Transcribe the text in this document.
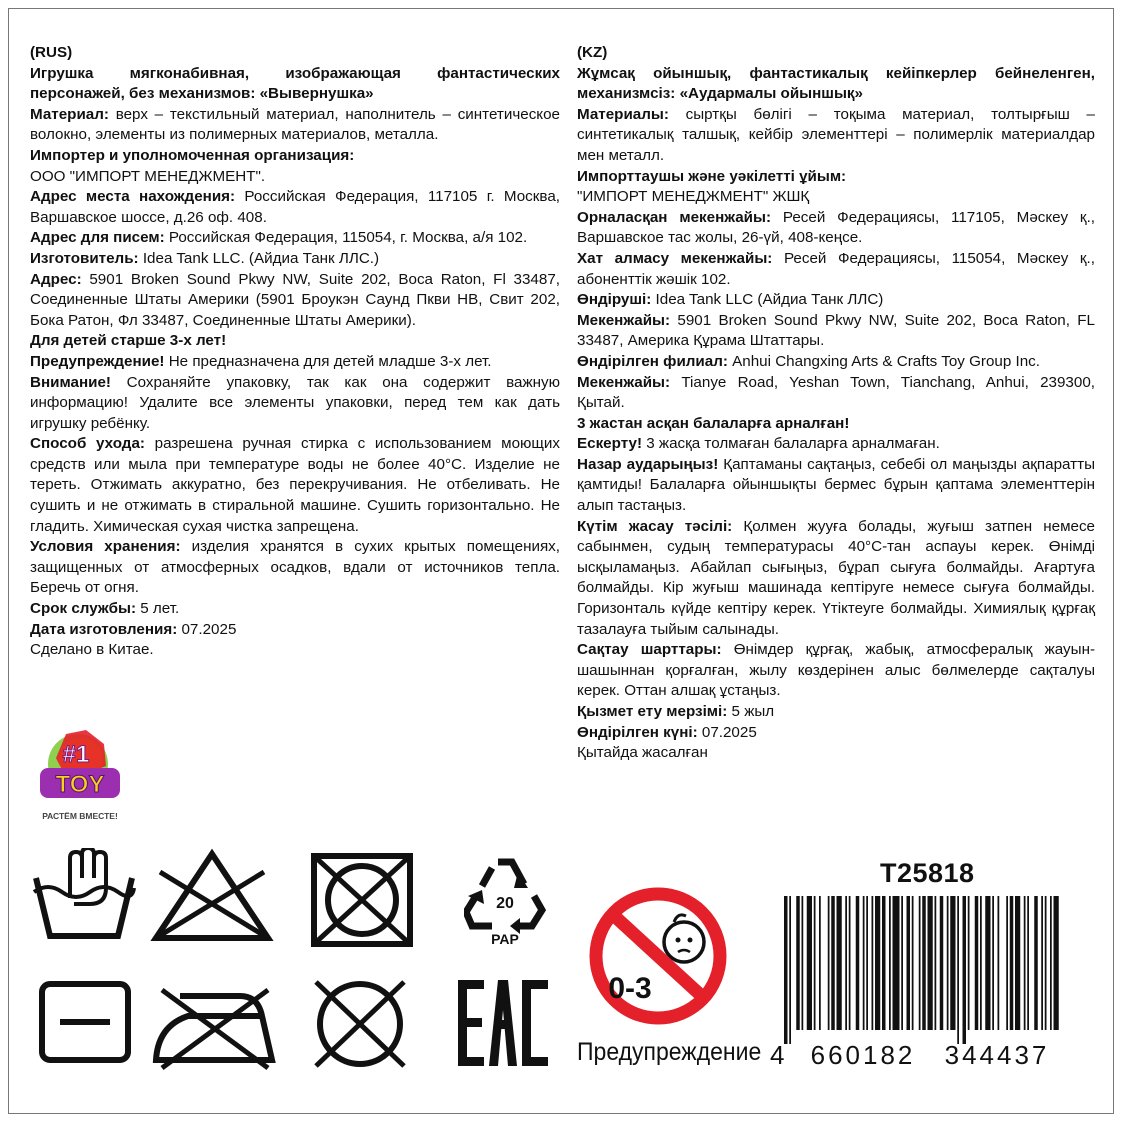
(RUS)

Игрушка мягконабивная, изображающая фантастических персонажей, без механизмов: «Вывернушка»

Материал: верх – текстильный материал, наполнитель – синтетическое волокно, элементы из полимерных материалов, металла.

Импортер и уполномоченная организация:

ООО "ИМПОРТ МЕНЕДЖМЕНТ".

Адрес места нахождения: Российская Федерация, 117105 г. Москва, Варшавское шоссе, д.26 оф. 408.

Адрес для писем: Российская Федерация, 115054, г. Москва, а/я 102.

Изготовитель: Idea Tank LLC. (Айдиа Танк ЛЛС.)

Адрес: 5901 Broken Sound Pkwy NW, Suite 202, Boca Raton, Fl 33487, Соединенные Штаты Америки (5901 Броукэн Саунд Пкви НВ, Свит 202, Бока Ратон, Фл 33487, Соединенные Штаты Америки).

Для детей старше 3-х лет!

Предупреждение! Не предназначена для детей младше 3-х лет.

Внимание! Сохраняйте упаковку, так как она содержит важную информацию! Удалите все элементы упаковки, перед тем как дать игрушку ребёнку.

Способ ухода: разрешена ручная стирка с использованием моющих средств или мыла при температуре воды не более 40°С. Изделие не тереть. Отжимать аккуратно, без перекручивания. Не отбеливать. Не сушить и не отжимать в стиральной машине. Сушить горизонтально. Не гладить. Химическая сухая чистка запрещена.

Условия хранения: изделия хранятся в сухих крытых помещениях, защищенных от атмосферных осадков, вдали от источников тепла. Беречь от огня.

Срок службы: 5 лет.

Дата изготовления: 07.2025

Сделано в Китае.

(KZ)

Жұмсақ ойыншық, фантастикалық кейіпкерлер бейнеленген, механизмсіз: «Аудармалы ойыншық»

Материалы: сыртқы бөлігі – тоқыма материал, толтырғыш – синтетикалық талшық, кейбір элементтері – полимерлік материалдар мен металл.

Импорттаушы және уәкілетті ұйым:

"ИМПОРТ МЕНЕДЖМЕНТ" ЖШҚ

Орналасқан мекенжайы: Ресей Федерациясы, 117105, Мәскеу қ., Варшавскоe тас жолы, 26-үй, 408-кеңсе.

Хат алмасу мекенжайы: Ресей Федерациясы, 115054, Мәскеу қ., абоненттік жәшік 102.

Өндіруші: Idea Tank LLC (Айдиа Танк ЛЛС)

Мекенжайы: 5901 Broken Sound Pkwy NW, Suite 202, Boca Raton, FL 33487, Америка Құрама Штаттары.

Өндірілген филиал: Anhui Changxing Arts & Crafts Toy Group Inc.

Мекенжайы: Tianye Road, Yeshan Town, Tianchang, Anhui, 239300, Қытай.

3 жастан асқан балаларға арналған!

Ескерту! 3 жасқа толмаған балаларға арналмаған.

Назар аударыңыз! Қаптаманы сақтаңыз, себебі ол маңызды ақпаратты қамтиды! Балаларға ойыншықты бермес бұрын қаптама элементтерін алып тастаңыз.

Күтім жасау тәсілі: Қолмен жууға болады, жуғыш затпен немесе сабынмен, судың температурасы 40°С-тан аспауы керек. Өнімді ысқыламаңыз. Абайлап сығыңыз, бұрап сығуға болмайды. Ағартуға болмайды. Кір жуғыш машинада кептіруге немесе сығуға болмайды. Горизонталь күйде кептіру керек. Үтіктеуге болмайды. Химиялық құрғақ тазалауға тыйым салынады.

Сақтау шарттары: Өнімдер құрғақ, жабық, атмосфералық жауын-шашыннан қорғалған, жылу көздерінен алыс бөлмелерде сақталуы керек. Оттан алшақ ұстаңыз.

Қызмет ету мерзімі: 5 жыл

Өндірілген күні: 07.2025

Қытайда жасалған

#1
TOY
РАСТЁМ ВМЕСТЕ!
20
PAP
0-3
Предупреждение
T25818
4 660182	344437
